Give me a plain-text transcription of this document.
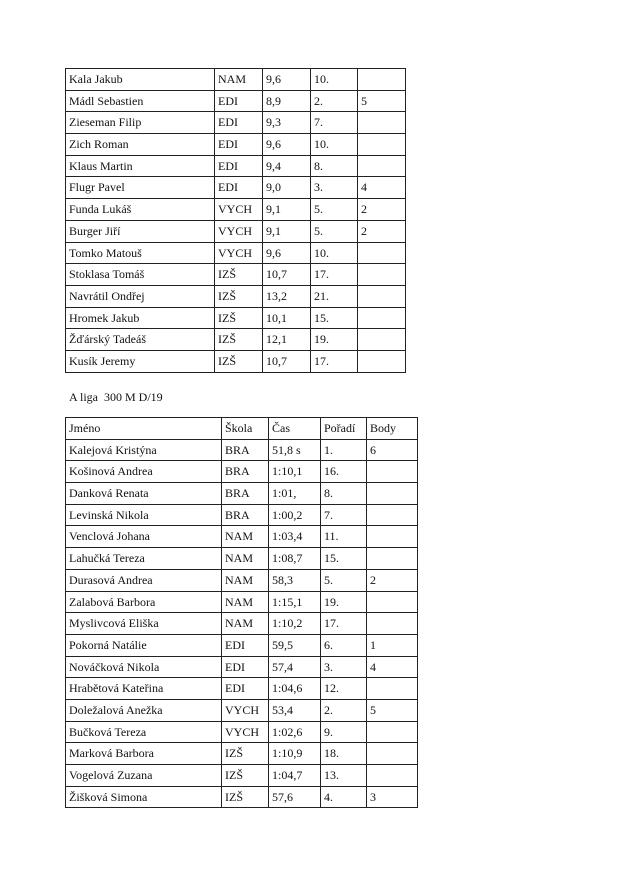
Kala Jakub	NAM	9,6	10.	
Mádl Sebastien	EDI	8,9	2.	5
Zieseman Filip	EDI	9,3	7.	
Zich Roman	EDI	9,6	10.	
Klaus Martin	EDI	9,4	8.	
Flugr Pavel	EDI	9,0	3.	4
Funda Lukáš	VYCH	9,1	5.	2
Burger Jiří	VYCH	9,1	5.	2
Tomko Matouš	VYCH	9,6	10.	
Stoklasa Tomáš	IZŠ	10,7	17.	
Navrátil Ondřej	IZŠ	13,2	21.	
Hromek Jakub	IZŠ	10,1	15.	
Žďárský Tadeáš	IZŠ	12,1	19.	
Kusík Jeremy	IZŠ	10,7	17.	

A liga  300 M D/19

Jméno	Škola	Čas	Pořadí	Body
Kalejová Kristýna	BRA	51,8 s	1.	6
Košinová Andrea	BRA	1:10,1	16.	
Danková Renata	BRA	1:01,	8.	
Levinská Nikola	BRA	1:00,2	7.	
Venclová Johana	NAM	1:03,4	11.	
Lahučká Tereza	NAM	1:08,7	15.	
Durasová Andrea	NAM	58,3	5.	2
Zalabová Barbora	NAM	1:15,1	19.	
Myslivcová Eliška	NAM	1:10,2	17.	
Pokorná Natálie	EDI	59,5	6.	1
Nováčková Nikola	EDI	57,4	3.	4
Hrabětová Kateřina	EDI	1:04,6	12.	
Doležalová Anežka	VYCH	53,4	2.	5
Bučková Tereza	VYCH	1:02,6	9.	
Marková Barbora	IZŠ	1:10,9	18.	
Vogelová Zuzana	IZŠ	1:04,7	13.	
Žišková Simona	IZŠ	57,6	4.	3
